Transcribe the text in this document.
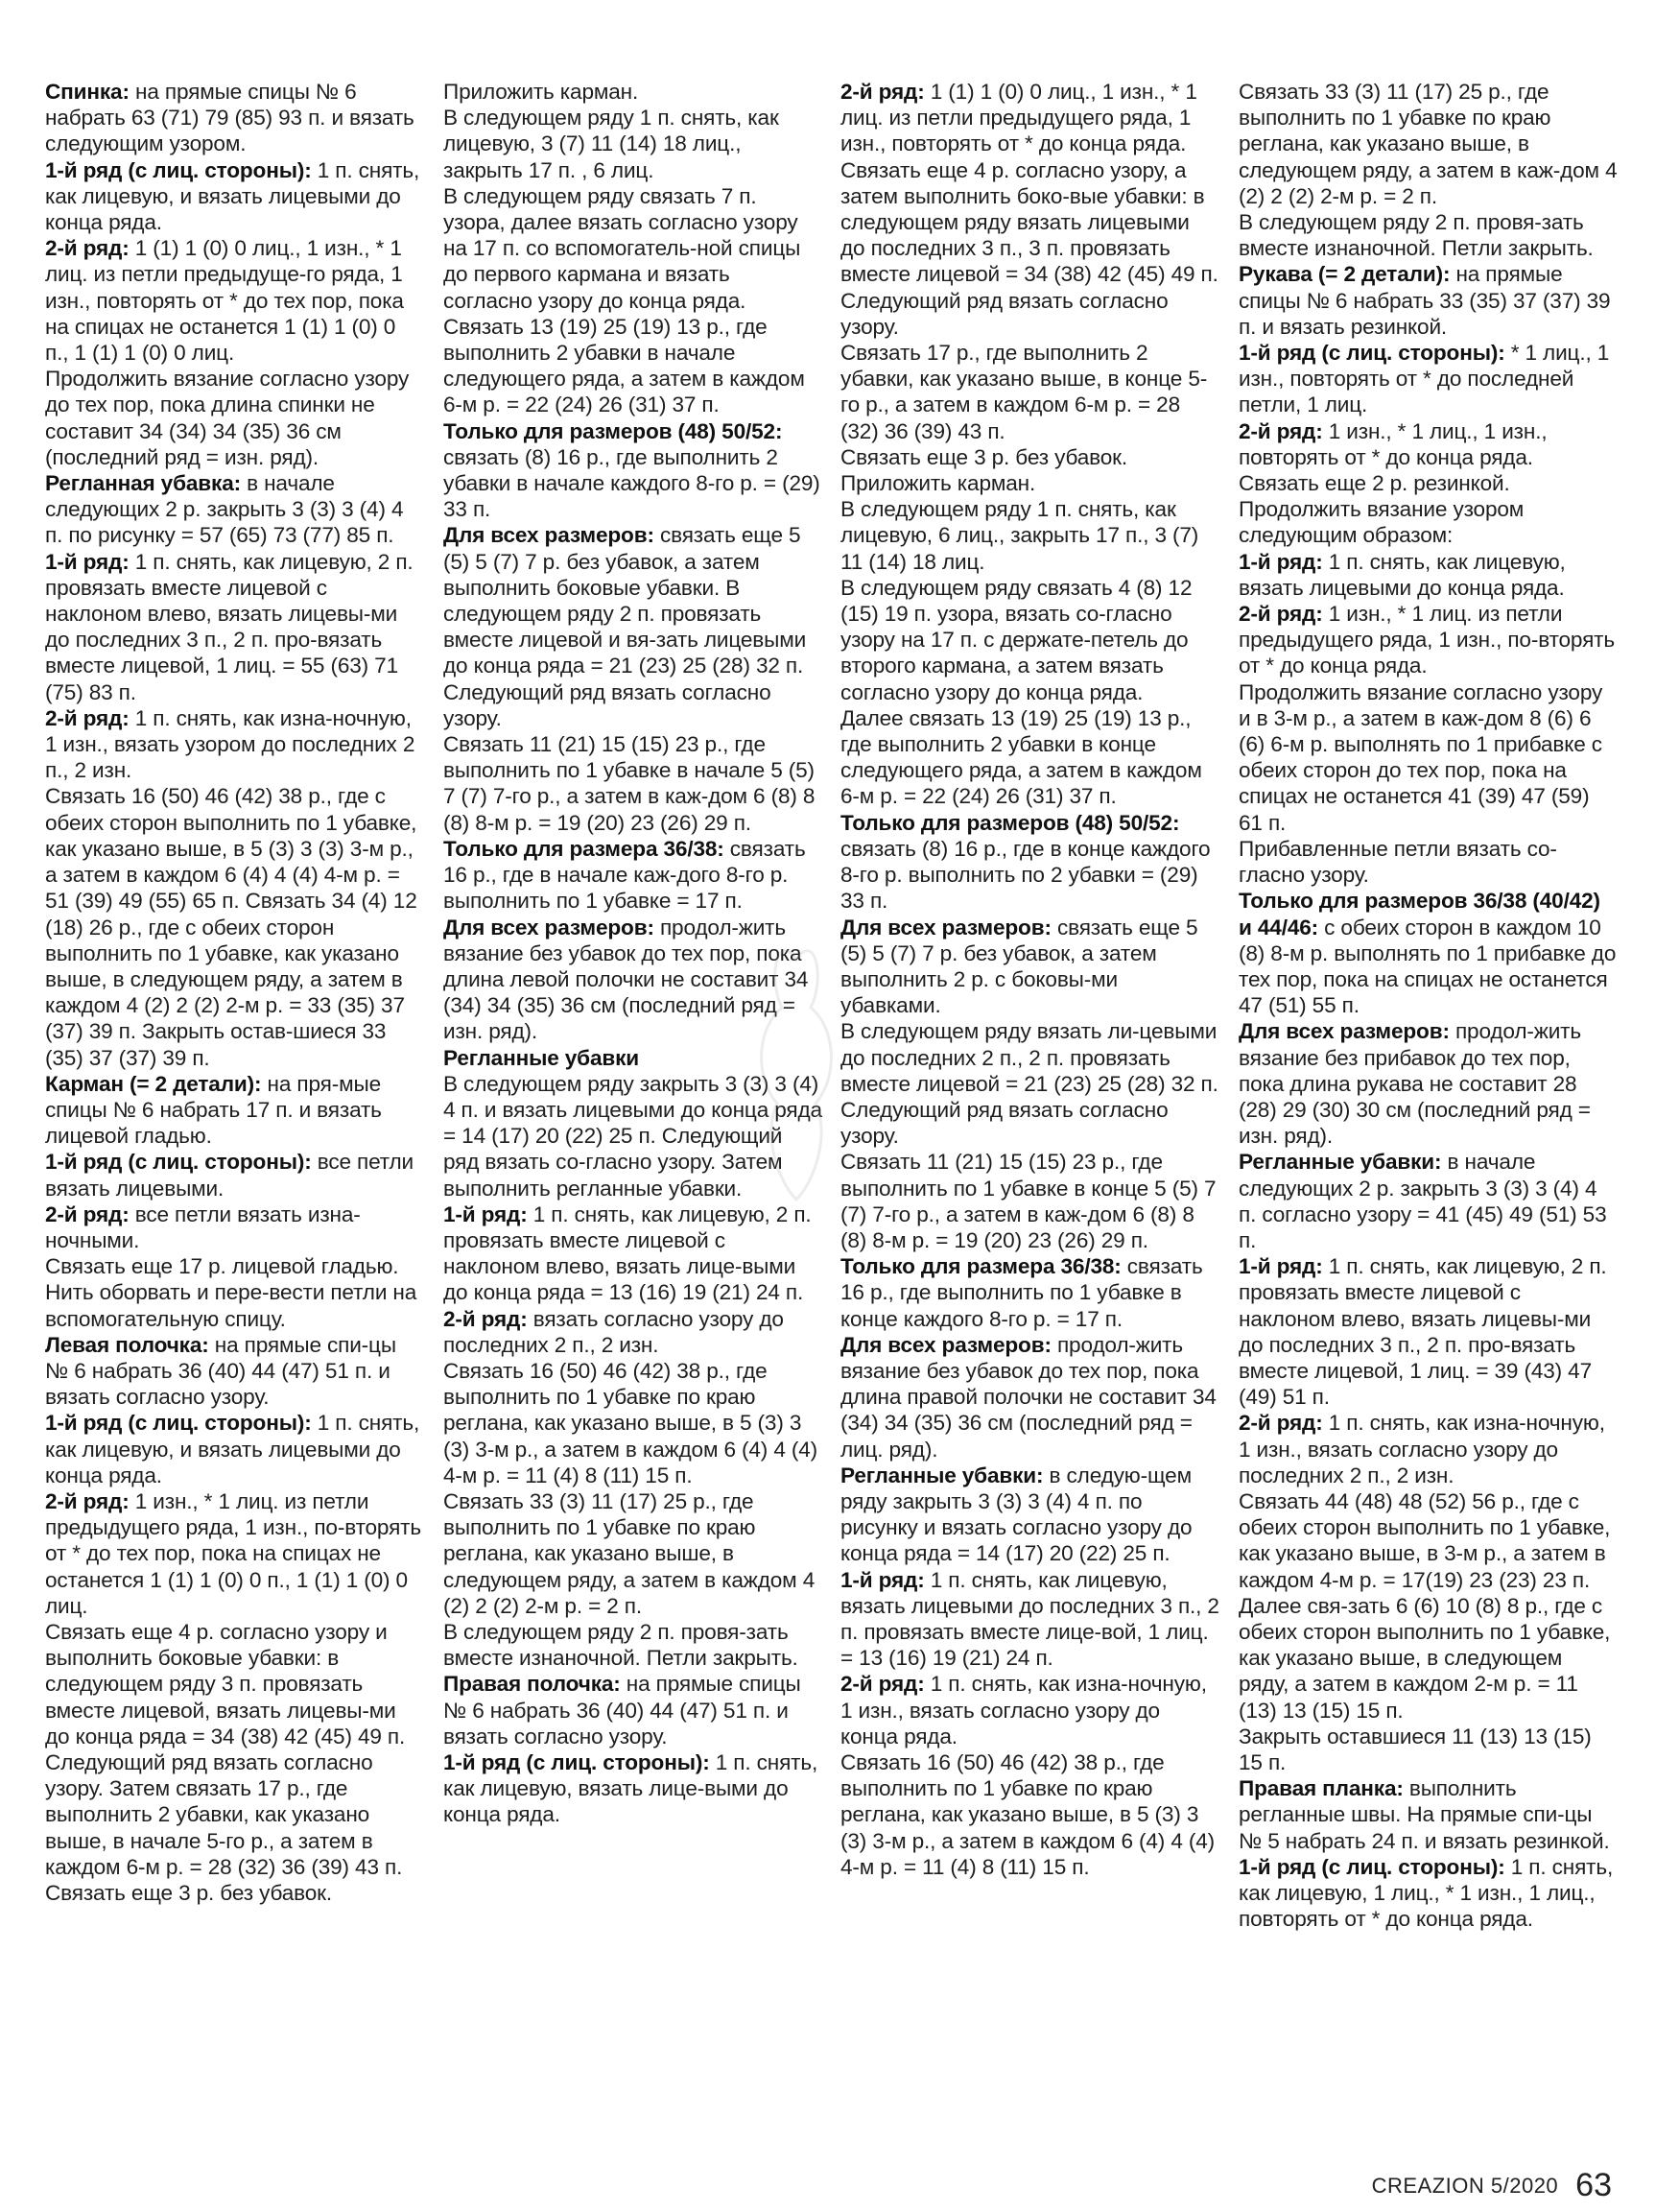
Спинка: на прямые спицы № 6 набрать 63 (71) 79 (85) 93 п. и вязать следующим узором.

1-й ряд (с лиц. стороны): 1 п. снять, как лицевую, и вязать лицевыми до конца ряда.

2-й ряд: 1 (1) 1 (0) 0 лиц., 1 изн., * 1 лиц. из петли предыдуще-го ряда, 1 изн., повторять от * до тех пор, пока на спицах не останется 1 (1) 1 (0) 0 п., 1 (1) 1 (0) 0 лиц.

Продолжить вязание согласно узору до тех пор, пока длина спинки не составит 34 (34) 34 (35) 36 см (последний ряд = изн. ряд).

Регланная убавка: в начале следующих 2 р. закрыть 3 (3) 3 (4) 4 п. по рисунку = 57 (65) 73 (77) 85 п.

1-й ряд: 1 п. снять, как лицевую, 2 п. провязать вместе лицевой с наклоном влево, вязать лицевы-ми до последних 3 п., 2 п. про-вязать вместе лицевой, 1 лиц. = 55 (63) 71 (75) 83 п.

2-й ряд: 1 п. снять, как изна-ночную, 1 изн., вязать узором до последних 2 п., 2 изн.

Связать 16 (50) 46 (42) 38 р., где с обеих сторон выполнить по 1 убавке, как указано выше, в 5 (3) 3 (3) 3-м р., а затем в каждом 6 (4) 4 (4) 4-м р. = 51 (39) 49 (55) 65 п. Связать 34 (4) 12 (18) 26 р., где с обеих сторон выполнить по 1 убавке, как указано выше, в следующем ряду, а затем в каждом 4 (2) 2 (2) 2-м р. = 33 (35) 37 (37) 39 п. Закрыть остав-шиеся 33 (35) 37 (37) 39 п.

Карман (= 2 детали): на пря-мые спицы № 6 набрать 17 п. и вязать лицевой гладью.

1-й ряд (с лиц. стороны): все петли вязать лицевыми.

2-й ряд: все петли вязать изна-ночными.

Связать еще 17 р. лицевой гладью. Нить оборвать и пере-вести петли на вспомогательную спицу.

Левая полочка: на прямые спи-цы № 6 набрать 36 (40) 44 (47) 51 п. и вязать согласно узору.

1-й ряд (с лиц. стороны): 1 п. снять, как лицевую, и вязать лицевыми до конца ряда.

2-й ряд: 1 изн., * 1 лиц. из петли предыдущего ряда, 1 изн., по-вторять от * до тех пор, пока на спицах не останется 1 (1) 1 (0) 0 п., 1 (1) 1 (0) 0 лиц.

Связать еще 4 р. согласно узору и выполнить боковые убавки: в следующем ряду 3 п. провязать вместе лицевой, вязать лицевы-ми до конца ряда = 34 (38) 42 (45) 49 п. Следующий ряд вязать согласно узору. Затем связать 17 р., где выполнить 2 убавки, как указано выше, в начале 5-го р., а затем в каждом 6-м р. = 28 (32) 36 (39) 43 п. Связать еще 3 р. без убавок.

Приложить карман.

В следующем ряду 1 п. снять, как лицевую, 3 (7) 11 (14) 18 лиц., закрыть 17 п. , 6 лиц.

В следующем ряду связать 7 п. узора, далее вязать согласно узору на 17 п. со вспомогатель-ной спицы до первого кармана и вязать согласно узору до конца ряда.

Связать 13 (19) 25 (19) 13 р., где выполнить 2 убавки в начале следующего ряда, а затем в каждом 6-м р. = 22 (24) 26 (31) 37 п.

Только для размеров (48) 50/52: связать (8) 16 р., где выполнить 2 убавки в начале каждого 8-го р. = (29) 33 п.

Для всех размеров: связать еще 5 (5) 5 (7) 7 р. без убавок, а затем выполнить боковые убавки. В следующем ряду 2 п. провязать вместе лицевой и вя-зать лицевыми до конца ряда = 21 (23) 25 (28) 32 п. Следующий ряд вязать согласно узору.

Связать 11 (21) 15 (15) 23 р., где выполнить по 1 убавке в начале 5 (5) 7 (7) 7-го р., а затем в каж-дом 6 (8) 8 (8) 8-м р. = 19 (20) 23 (26) 29 п.

Только для размера 36/38: связать 16 р., где в начале каж-дого 8-го р. выполнить по 1 убавке = 17 п.

Для всех размеров: продол-жить вязание без убавок до тех пор, пока длина левой полочки не составит 34 (34) 34 (35) 36 см (последний ряд = изн. ряд).

Регланные убавки

В следующем ряду закрыть 3 (3) 3 (4) 4 п. и вязать лицевыми до конца ряда = 14 (17) 20 (22) 25 п. Следующий ряд вязать со-гласно узору. Затем выполнить регланные убавки.

1-й ряд: 1 п. снять, как лицевую, 2 п. провязать вместе лицевой с наклоном влево, вязать лице-выми до конца ряда = 13 (16) 19 (21) 24 п.

2-й ряд: вязать согласно узору до последних 2 п., 2 изн.

Связать 16 (50) 46 (42) 38 р., где выполнить по 1 убавке по краю реглана, как указано выше, в 5 (3) 3 (3) 3-м р., а затем в каждом 6 (4) 4 (4) 4-м р. = 11 (4) 8 (11) 15 п.

Связать 33 (3) 11 (17) 25 р., где выполнить по 1 убавке по краю реглана, как указано выше, в следующем ряду, а затем в каждом 4 (2) 2 (2) 2-м р. = 2 п.

В следующем ряду 2 п. провя-зать вместе изнаночной. Петли закрыть.

Правая полочка: на прямые спицы № 6 набрать 36 (40) 44 (47) 51 п. и вязать согласно узору.

1-й ряд (с лиц. стороны): 1 п. снять, как лицевую, вязать лице-выми до конца ряда.

2-й ряд: 1 (1) 1 (0) 0 лиц., 1 изн., * 1 лиц. из петли предыдущего ряда, 1 изн., повторять от * до конца ряда.

Связать еще 4 р. согласно узору, а затем выполнить боко-вые убавки: в следующем ряду вязать лицевыми до последних 3 п., 3 п. провязать вместе лицевой = 34 (38) 42 (45) 49 п. Следующий ряд вязать согласно узору.

Связать 17 р., где выполнить 2 убавки, как указано выше, в конце 5-го р., а затем в каждом 6-м р. = 28 (32) 36 (39) 43 п.

Связать еще 3 р. без убавок. Приложить карман.

В следующем ряду 1 п. снять, как лицевую, 6 лиц., закрыть 17 п., 3 (7) 11 (14) 18 лиц.

В следующем ряду связать 4 (8) 12 (15) 19 п. узора, вязать со-гласно узору на 17 п. с держате-петель до второго кармана, а затем вязать согласно узору до конца ряда.

Далее связать 13 (19) 25 (19) 13 р., где выполнить 2 убавки в конце следующего ряда, а затем в каждом 6-м р. = 22 (24) 26 (31) 37 п.

Только для размеров (48) 50/52: связать (8) 16 р., где в конце каждого 8-го р. выполнить по 2 убавки = (29) 33 п.

Для всех размеров: связать еще 5 (5) 5 (7) 7 р. без убавок, а затем выполнить 2 р. с боковы-ми убавками.

В следующем ряду вязать ли-цевыми до последних 2 п., 2 п. провязать вместе лицевой = 21 (23) 25 (28) 32 п. Следующий ряд вязать согласно узору.

Связать 11 (21) 15 (15) 23 р., где выполнить по 1 убавке в конце 5 (5) 7 (7) 7-го р., а затем в каж-дом 6 (8) 8 (8) 8-м р. = 19 (20) 23 (26) 29 п.

Только для размера 36/38: связать 16 р., где выполнить по 1 убавке в конце каждого 8-го р. = 17 п.

Для всех размеров: продол-жить вязание без убавок до тех пор, пока длина правой полочки не составит 34 (34) 34 (35) 36 см (последний ряд = лиц. ряд).

Регланные убавки: в следую-щем ряду закрыть 3 (3) 3 (4) 4 п. по рисунку и вязать согласно узору до конца ряда = 14 (17) 20 (22) 25 п.

1-й ряд: 1 п. снять, как лицевую, вязать лицевыми до последних 3 п., 2 п. провязать вместе лице-вой, 1 лиц. = 13 (16) 19 (21) 24 п.

2-й ряд: 1 п. снять, как изна-ночную, 1 изн., вязать согласно узору до конца ряда.

Связать 16 (50) 46 (42) 38 р., где выполнить по 1 убавке по краю реглана, как указано выше, в 5 (3) 3 (3) 3-м р., а затем в каждом 6 (4) 4 (4) 4-м р. = 11 (4) 8 (11) 15 п.

Связать 33 (3) 11 (17) 25 р., где выполнить по 1 убавке по краю реглана, как указано выше, в следующем ряду, а затем в каж-дом 4 (2) 2 (2) 2-м р. = 2 п.

В следующем ряду 2 п. провя-зать вместе изнаночной. Петли закрыть.

Рукава (= 2 детали): на прямые спицы № 6 набрать 33 (35) 37 (37) 39 п. и вязать резинкой.

1-й ряд (с лиц. стороны): * 1 лиц., 1 изн., повторять от * до последней петли, 1 лиц.

2-й ряд: 1 изн., * 1 лиц., 1 изн., повторять от * до конца ряда. Связать еще 2 р. резинкой.

Продолжить вязание узором следующим образом:

1-й ряд: 1 п. снять, как лицевую, вязать лицевыми до конца ряда.

2-й ряд: 1 изн., * 1 лиц. из петли предыдущего ряда, 1 изн., по-вторять от * до конца ряда.

Продолжить вязание согласно узору и в 3-м р., а затем в каж-дом 8 (6) 6 (6) 6-м р. выполнять по 1 прибавке с обеих сторон до тех пор, пока на спицах не останется 41 (39) 47 (59) 61 п.

Прибавленные петли вязать со-гласно узору.

Только для размеров 36/38 (40/42) и 44/46: с обеих сторон в каждом 10 (8) 8-м р. выполнять по 1 прибавке до тех пор, пока на спицах не останется 47 (51) 55 п.

Для всех размеров: продол-жить вязание без прибавок до тех пор, пока длина рукава не составит 28 (28) 29 (30) 30 см (последний ряд = изн. ряд).

Регланные убавки: в начале следующих 2 р. закрыть 3 (3) 3 (4) 4 п. согласно узору = 41 (45) 49 (51) 53 п.

1-й ряд: 1 п. снять, как лицевую, 2 п. провязать вместе лицевой с наклоном влево, вязать лицевы-ми до последних 3 п., 2 п. про-вязать вместе лицевой, 1 лиц. = 39 (43) 47 (49) 51 п.

2-й ряд: 1 п. снять, как изна-ночную, 1 изн., вязать согласно узору до последних 2 п., 2 изн.

Связать 44 (48) 48 (52) 56 р., где с обеих сторон выполнить по 1 убавке, как указано выше, в 3-м р., а затем в каждом 4-м р. = 17(19) 23 (23) 23 п. Далее свя-зать 6 (6) 10 (8) 8 р., где с обеих сторон выполнить по 1 убавке, как указано выше, в следующем ряду, а затем в каждом 2-м р. = 11 (13) 13 (15) 15 п.

Закрыть оставшиеся 11 (13) 13 (15) 15 п.

Правая планка: выполнить регланные швы. На прямые спи-цы № 5 набрать 24 п. и вязать резинкой.

1-й ряд (с лиц. стороны): 1 п. снять, как лицевую, 1 лиц., * 1 изн., 1 лиц., повторять от * до конца ряда.

CREAZION 5/2020 63
